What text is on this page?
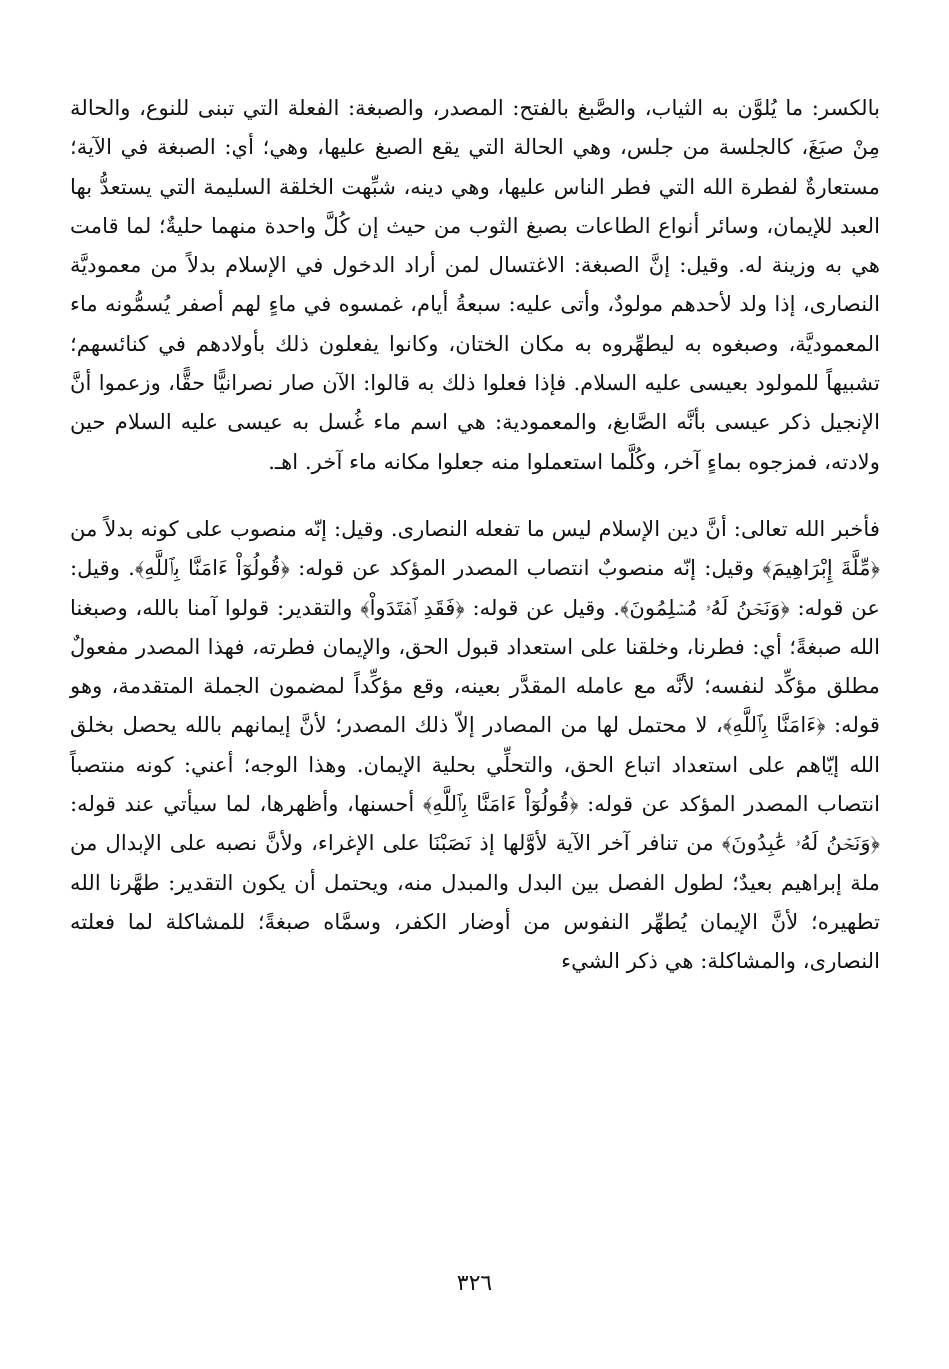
بالكسر: ما يُلوَّن به الثياب، والصَّبغ بالفتح: المصدر، والصبغة: الفعلة التي تبنى للنوع، والحالة مِنْ صبَغَ، كالجلسة من جلس، وهي الحالة التي يقع الصبغ عليها، وهي؛ أي: الصبغة في الآية؛ مستعارةٌ لفطرة الله التي فطر الناس عليها، وهي دينه، شبِّهت الخلقة السليمة التي يستعدُّ بها العبد للإيمان، وسائر أنواع الطاعات بصبغ الثوب من حيث إن كُلَّ واحدة منهما حليةٌ؛ لما قامت هي به وزينة له. وقيل: إنَّ الصبغة: الاغتسال لمن أراد الدخول في الإسلام بدلاً من معموديَّة النصارى، إذا ولد لأحدهم مولودٌ، وأتى عليه: سبعةُ أيام، غمسوه في ماءٍ لهم أصفر يُسمُّونه ماء المعموديَّة، وصبغوه به ليطهِّروه به مكان الختان، وكانوا يفعلون ذلك بأولادهم في كنائسهم؛ تشبيهاً للمولود بعيسى عليه السلام. فإذا فعلوا ذلك به قالوا: الآن صار نصرانيًّا حقًّا، وزعموا أنَّ الإنجيل ذكر عيسى بأنَّه الصَّابغ، والمعمودية: هي اسم ماء غُسل به عيسى عليه السلام حين ولادته، فمزجوه بماءٍ آخر، وكُلَّما استعملوا منه جعلوا مكانه ماء آخر. اهـ.

فأخبر الله تعالى: أنَّ دين الإسلام ليس ما تفعله النصارى. وقيل: إنّه منصوب على كونه بدلاً من ﴿مِّلَّةَ إِبْرَاهِيمَ﴾ وقيل: إنّه منصوبٌ انتصاب المصدر المؤكد عن قوله: ﴿قُولُوٓاْ ءَامَنَّا بِٱللَّهِ﴾. وقيل: عن قوله: ﴿وَنَحۡنُ لَهُۥ مُسۡلِمُونَ﴾. وقيل عن قوله: ﴿فَقَدِ ٱهۡتَدَواْ﴾ والتقدير: قولوا آمنا بالله، وصبغنا الله صبغةً؛ أي: فطرنا، وخلقنا على استعداد قبول الحق، والإيمان فطرته، فهذا المصدر مفعولٌ مطلق مؤكِّد لنفسه؛ لأنَّه مع عامله المقدَّر بعينه، وقع مؤكِّداً لمضمون الجملة المتقدمة، وهو قوله: ﴿ءَامَنَّا بِٱللَّهِ﴾، لا محتمل لها من المصادر إلاّ ذلك المصدر؛ لأنَّ إيمانهم بالله يحصل بخلق الله إيّاهم على استعداد اتباع الحق، والتحلِّي بحلية الإيمان. وهذا الوجه؛ أعني: كونه منتصباً انتصاب المصدر المؤكد عن قوله: ﴿قُولُوٓاْ ءَامَنَّا بِٱللَّهِ﴾ أحسنها، وأظهرها، لما سيأتي عند قوله: ﴿وَنَحۡنُ لَهُۥ عَٰبِدُونَ﴾ من تنافر آخر الآية لأوَّلها إذ نَصَبْنَا على الإغراء، ولأنَّ نصبه على الإبدال من ملة إبراهيم بعيدٌ؛ لطول الفصل بين البدل والمبدل منه، ويحتمل أن يكون التقدير: طهَّرنا الله تطهيره؛ لأنَّ الإيمان يُطهِّر النفوس من أوضار الكفر، وسمَّاه صبغةً؛ للمشاكلة لما فعلته النصارى، والمشاكلة: هي ذكر الشيء

٣٢٦
